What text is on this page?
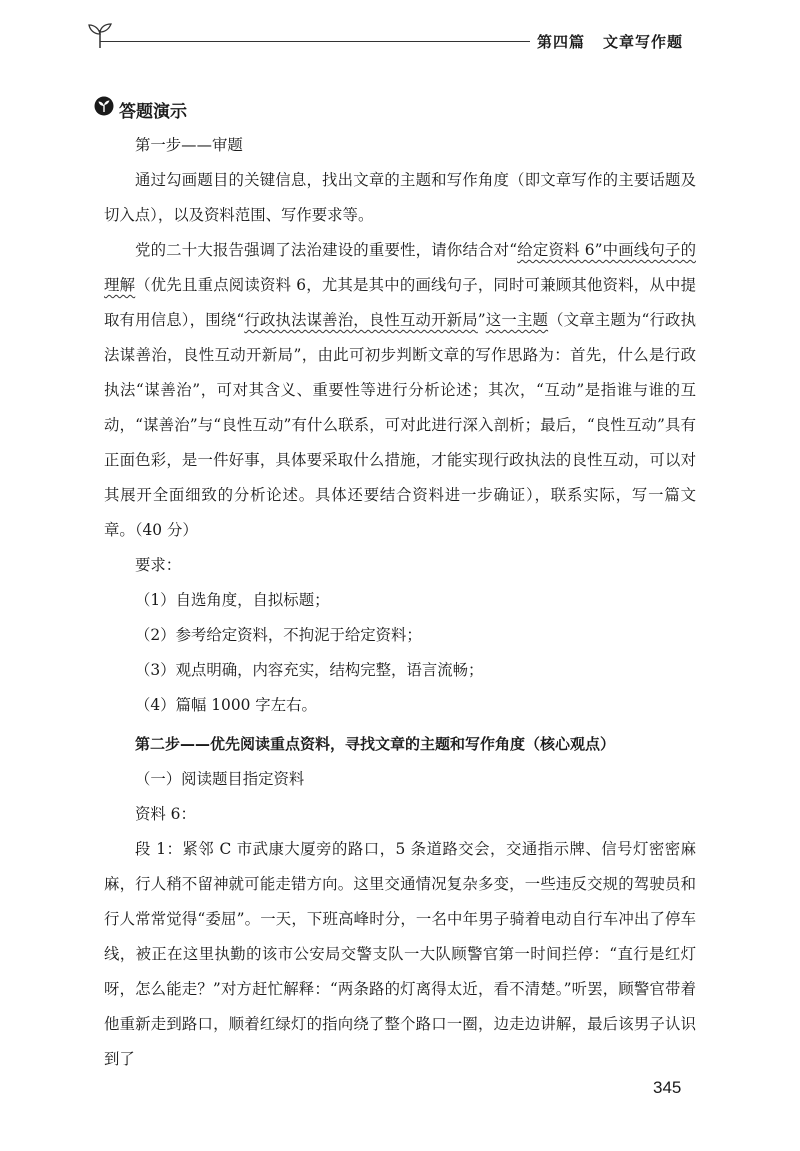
第四篇 文章写作题
答题演示

第一步——审题

通过勾画题目的关键信息，找出文章的主题和写作角度（即文章写作的主要话题及切入点），以及资料范围、写作要求等。

党的二十大报告强调了法治建设的重要性，请你结合对“给定资料 6”中画线句子的理解（优先且重点阅读资料 6，尤其是其中的画线句子，同时可兼顾其他资料，从中提取有用信息），围绕“行政执法谋善治，良性互动开新局”这一主题（文章主题为“行政执法谋善治，良性互动开新局”，由此可初步判断文章的写作思路为：首先，什么是行政执法“谋善治”，可对其含义、重要性等进行分析论述；其次，“互动”是指谁与谁的互动，“谋善治”与“良性互动”有什么联系，可对此进行深入剖析；最后，“良性互动”具有正面色彩，是一件好事，具体要采取什么措施，才能实现行政执法的良性互动，可以对其展开全面细致的分析论述。具体还要结合资料进一步确证），联系实际，写一篇文章。（40 分）

要求：

（1）自选角度，自拟标题；

（2）参考给定资料，不拘泥于给定资料；

（3）观点明确，内容充实，结构完整，语言流畅；

（4）篇幅 1000 字左右。

第二步——优先阅读重点资料，寻找文章的主题和写作角度（核心观点）

（一）阅读题目指定资料

资料 6：

段 1：紧邻 C 市武康大厦旁的路口，5 条道路交会，交通指示牌、信号灯密密麻麻，行人稍不留神就可能走错方向。这里交通情况复杂多变，一些违反交规的驾驶员和行人常常觉得“委屈”。一天，下班高峰时分，一名中年男子骑着电动自行车冲出了停车线，被正在这里执勤的该市公安局交警支队一大队顾警官第一时间拦停：“直行是红灯呀，怎么能走？”对方赶忙解释：“两条路的灯离得太近，看不清楚。”听罢，顾警官带着他重新走到路口，顺着红绿灯的指向绕了整个路口一圈，边走边讲解，最后该男子认识到了

345
